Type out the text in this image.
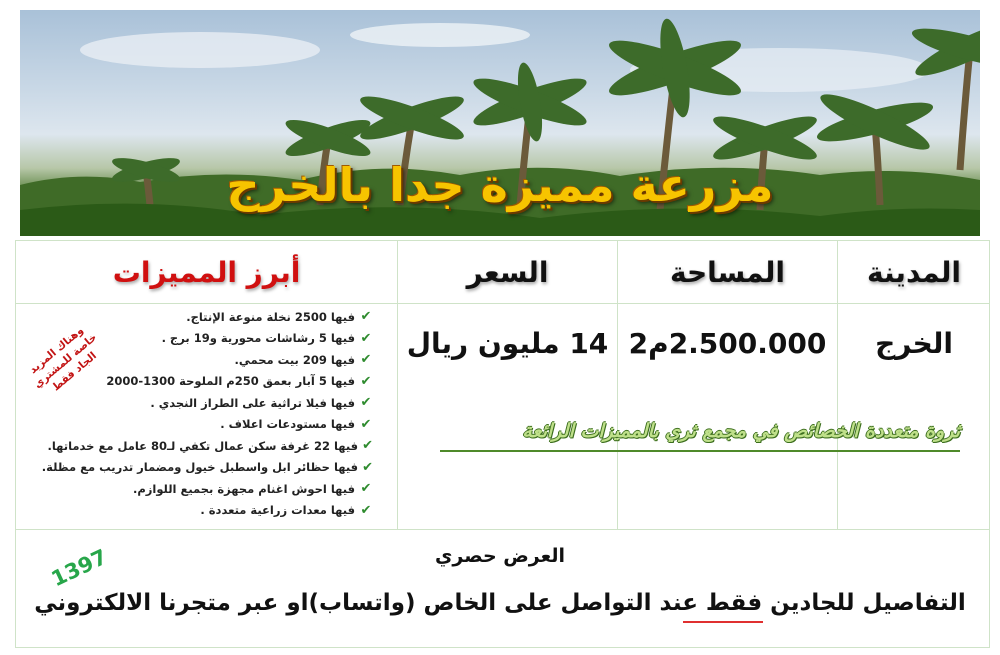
مزرعة مميزة جدا بالخرج
المدينة
المساحة
السعر
أبرز المميزات
الخرج
2.500.000م2
14 مليون ريال
ثروة متعددة الخصائص في مجمع ثري بالمميزات الرائعة
✔
فيها 2500 نخلة منوعة الإنتاج.
✔
فيها 5 رشاشات محورية و19 برج .
✔
فيها 209 بيت محمي.
✔
فيها 5 آبار بعمق 250م الملوحة 1300-2000
✔
فيها فيلا تراثية على الطراز النجدي .
✔
فيها مستودعات اعلاف .
✔
فيها 22 غرفة سكن عمال تكفي لـ80 عامل مع خدماتها.
✔
فيها حظائر ابل واسطبل خيول ومضمار تدريب مع مظلة.
✔
فيها احوش اغنام مجهزة بجميع اللوازم.
✔
فيها معدات زراعية متعددة .
وهناك المزيد خاصة للمشتري الجاد فقط
العرض حصري
التفاصيل للجادين فقط عند التواصل على الخاص (واتساب)او عبر متجرنا الالكتروني
1397
